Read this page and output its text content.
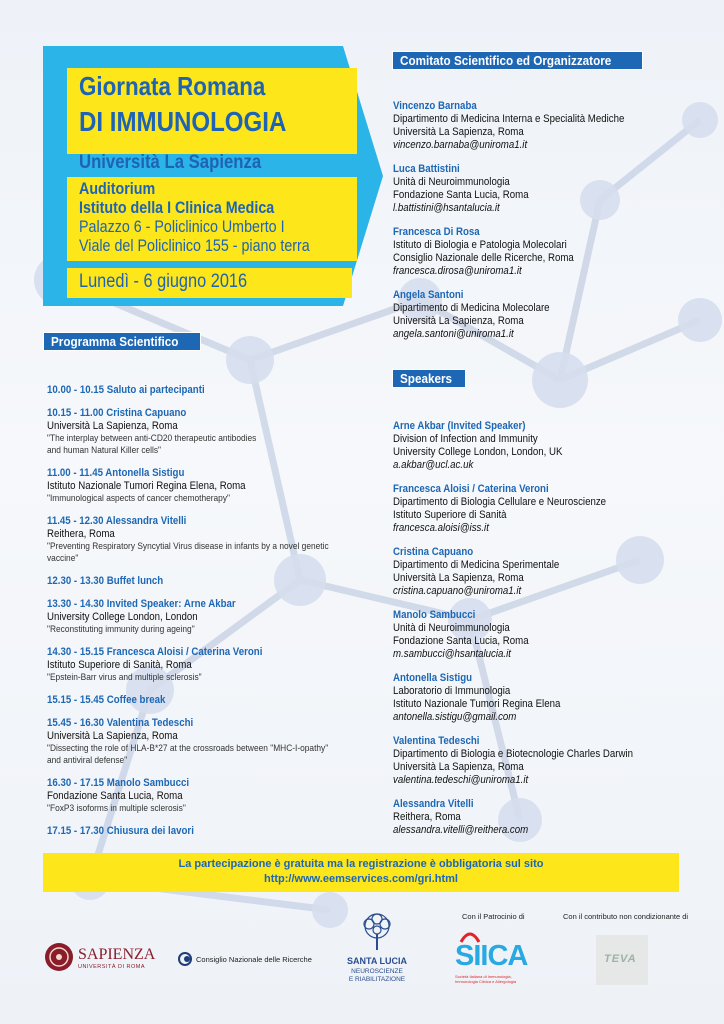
Giornata Romana
DI IMMUNOLOGIA
Università La Sapienza
Auditorium
Istituto della I Clinica Medica
Palazzo 6 - Policlinico Umberto I
Viale del Policlinico 155 - piano terra
Lunedì - 6 giugno 2016
Programma Scientifico
10.00 - 10.15 Saluto ai partecipanti
10.15 - 11.00 Cristina Capuano
Università La Sapienza, Roma
"The interplay between anti-CD20 therapeutic antibodies
and human Natural Killer cells"
11.00 - 11.45 Antonella Sistigu
Istituto Nazionale Tumori Regina Elena, Roma
"Immunological aspects of cancer chemotherapy"
11.45 - 12.30 Alessandra Vitelli
Reithera, Roma
"Preventing Respiratory Syncytial Virus disease in infants by a novel genetic
vaccine"
12.30 - 13.30 Buffet lunch
13.30 - 14.30 Invited Speaker: Arne Akbar
University College London, London
"Reconstituting immunity during ageing"
14.30 - 15.15 Francesca Aloisi / Caterina Veroni
Istituto Superiore di Sanità, Roma
"Epstein-Barr virus and multiple sclerosis"
15.15 - 15.45 Coffee break
15.45 - 16.30 Valentina Tedeschi
Università La Sapienza, Roma
"Dissecting the role of HLA-B*27 at the crossroads between "MHC-I-opathy"
and antiviral defense"
16.30 - 17.15 Manolo Sambucci
Fondazione Santa Lucia, Roma
"FoxP3 isoforms in multiple sclerosis"
17.15 - 17.30 Chiusura dei lavori
Comitato Scientifico ed Organizzatore
Vincenzo Barnaba
Dipartimento di Medicina Interna e Specialità Mediche
Università La Sapienza, Roma
vincenzo.barnaba@uniroma1.it
Luca Battistini
Unità di Neuroimmunologia
Fondazione Santa Lucia, Roma
l.battistini@hsantalucia.it
Francesca Di Rosa
Istituto di Biologia e Patologia Molecolari
Consiglio Nazionale delle Ricerche, Roma
francesca.dirosa@uniroma1.it
Angela Santoni
Dipartimento di Medicina Molecolare
Università La Sapienza, Roma
angela.santoni@uniroma1.it
Speakers
Arne Akbar (Invited Speaker)
Division of Infection and Immunity
University College London, London, UK
a.akbar@ucl.ac.uk
Francesca Aloisi / Caterina Veroni
Dipartimento di Biologia Cellulare e Neuroscienze
Istituto Superiore di Sanità
francesca.aloisi@iss.it
Cristina Capuano
Dipartimento di Medicina Sperimentale
Università La Sapienza, Roma
cristina.capuano@uniroma1.it
Manolo Sambucci
Unità di Neuroimmunologia
Fondazione Santa Lucia, Roma
m.sambucci@hsantalucia.it
Antonella Sistigu
Laboratorio di Immunologia
Istituto Nazionale Tumori Regina Elena
antonella.sistigu@gmail.com
Valentina Tedeschi
Dipartimento di Biologia e Biotecnologie Charles Darwin
Università La Sapienza, Roma
valentina.tedeschi@uniroma1.it
Alessandra Vitelli
Reithera, Roma
alessandra.vitelli@reithera.com
La partecipazione è gratuita ma la registrazione è obbligatoria sul sito
http://www.eemservices.com/gri.html
SAPIENZA
UNIVERSITÀ DI ROMA
Consiglio Nazionale delle Ricerche	SANTA LUCIA
NEUROSCIENZE
E RIABILITAZIONE
Con il Patrocinio di
SIICA
Società Italiana di Immunologia, Immunologia Clinica e Allergologia
Con il contributo non condizionante di
TEVA
